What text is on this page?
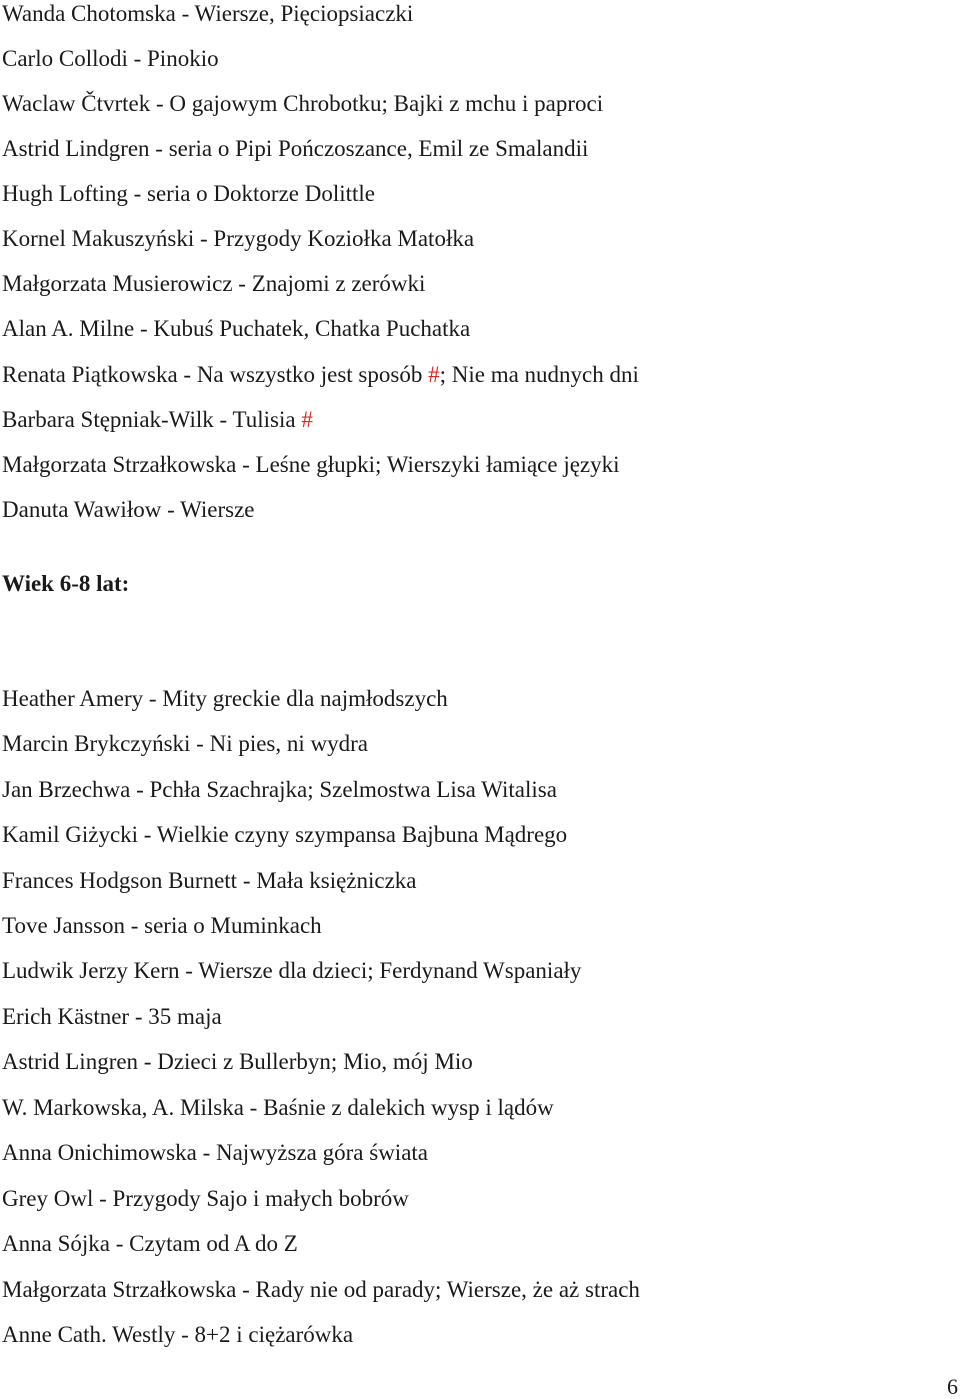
Wanda Chotomska - Wiersze, Pięciopsiaczki
Carlo Collodi - Pinokio
Waclaw Čtvrtek - O gajowym Chrobotku; Bajki z mchu i paproci
Astrid Lindgren - seria o Pipi Pończoszance, Emil ze Smalandii
Hugh Lofting - seria o Doktorze Dolittle
Kornel Makuszyński - Przygody Koziołka Matołka
Małgorzata Musierowicz - Znajomi z zerówki
Alan A. Milne - Kubuś Puchatek, Chatka Puchatka
Renata Piątkowska - Na wszystko jest sposób #; Nie ma nudnych dni
Barbara Stępniak-Wilk - Tulisia #
Małgorzata Strzałkowska - Leśne głupki; Wierszyki łamiące języki
Danuta Wawiłow - Wiersze
Wiek 6-8 lat:
Heather Amery - Mity greckie dla najmłodszych
Marcin Brykczyński - Ni pies, ni wydra
Jan Brzechwa - Pchła Szachrajka; Szelmostwa Lisa Witalisa
Kamil Giżycki - Wielkie czyny szympansa Bajbuna Mądrego
Frances Hodgson Burnett - Mała księżniczka
Tove Jansson - seria o Muminkach
Ludwik Jerzy Kern - Wiersze dla dzieci; Ferdynand Wspaniały
Erich Kästner - 35 maja
Astrid Lingren - Dzieci z Bullerbyn; Mio, mój Mio
W. Markowska, A. Milska - Baśnie z dalekich wysp i lądów
Anna Onichimowska - Najwyższa góra świata
Grey Owl - Przygody Sajo i małych bobrów
Anna Sójka - Czytam od A do Z
Małgorzata Strzałkowska - Rady nie od parady; Wiersze, że aż strach
Anne Cath. Westly - 8+2 i ciężarówka
6
